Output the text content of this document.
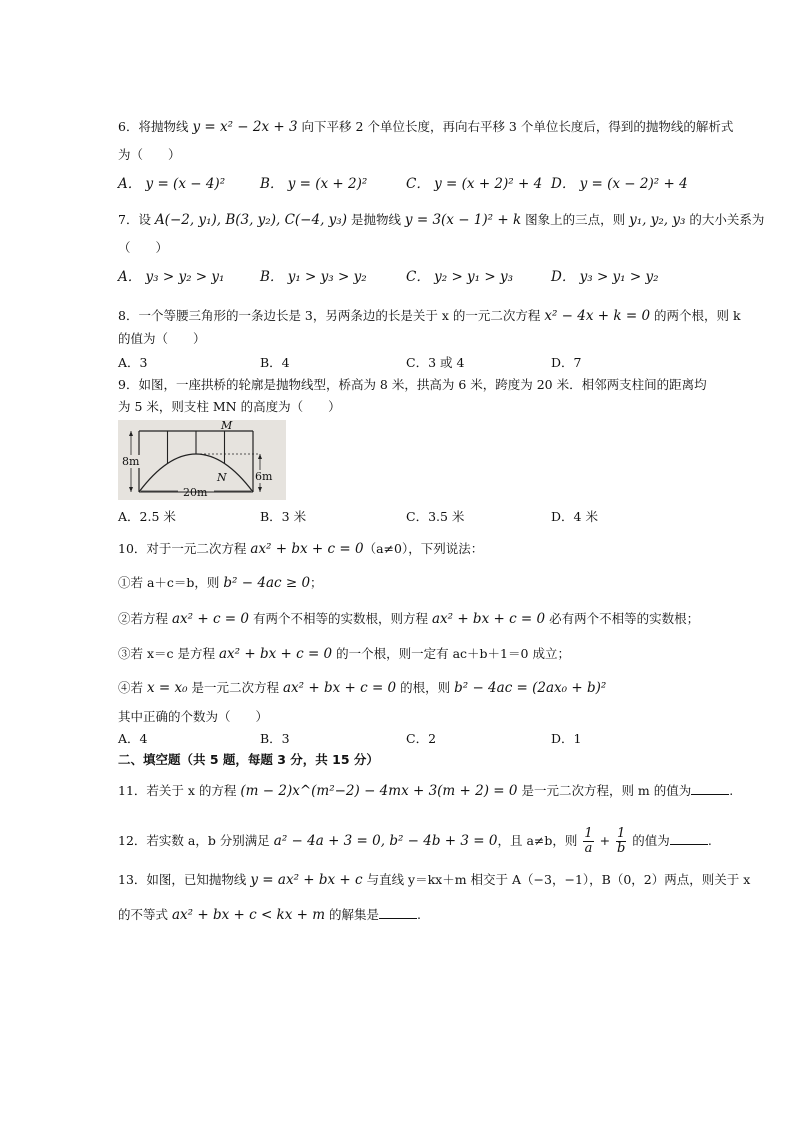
6．将抛物线 y = x² − 2x + 3 向下平移 2 个单位长度，再向右平移 3 个单位长度后，得到的抛物线的解析式
为（　　）
A． y = (x − 4)²	B． y = (x + 2)²	C． y = (x + 2)² + 4 D． y = (x − 2)² + 4
7．设 A(−2, y₁), B(3, y₂), C(−4, y₃) 是抛物线 y = 3(x − 1)² + k 图象上的三点，则 y₁, y₂, y₃ 的大小关系为
（　　）
A． y₃ > y₂ > y₁	B． y₁ > y₃ > y₂	C． y₂ > y₁ > y₃	D． y₃ > y₁ > y₂
8．一个等腰三角形的一条边长是 3，另两条边的长是关于 x 的一元二次方程 x² − 4x + k = 0 的两个根，则 k
的值为（　　）
A．3	B．4	C．3 或 4	D．7
9．如图，一座拱桥的轮廓是抛物线型，桥高为 8 米，拱高为 6 米，跨度为 20 米．相邻两支柱间的距离均
为 5 米，则支柱 MN 的高度为（　　）
20m
8m
6m
M
N
A．2.5 米	B．3 米	C．3.5 米	D．4 米
10．对于一元二次方程 ax² + bx + c = 0（a≠0），下列说法：
①若 a＋c＝b，则 b² − 4ac ≥ 0；
②若方程 ax² + c = 0 有两个不相等的实数根，则方程 ax² + bx + c = 0 必有两个不相等的实数根；
③若 x＝c 是方程 ax² + bx + c = 0 的一个根，则一定有 ac＋b＋1＝0 成立；
④若 x = x₀ 是一元二次方程 ax² + bx + c = 0 的根，则 b² − 4ac = (2ax₀ + b)²
其中正确的个数为（　　）
A．4	B．3	C．2	D．1
二、填空题（共 5 题，每题 3 分，共 15 分）
11．若关于 x 的方程 (m − 2)x^(m²−2) − 4mx + 3(m + 2) = 0 是一元二次方程，则 m 的值为	.
12．若实数 a，b 分别满足 a² − 4a + 3 = 0, b² − 4b + 3 = 0，且 a≠b，则 $\frac{1}{a} + \frac{1}{b}$ 的值为	.
13．如图，已知抛物线 y = ax² + bx + c 与直线 y＝kx＋m 相交于 A（−3，−1），B（0，2）两点，则关于 x
的不等式 ax² + bx + c < kx + m 的解集是	.
